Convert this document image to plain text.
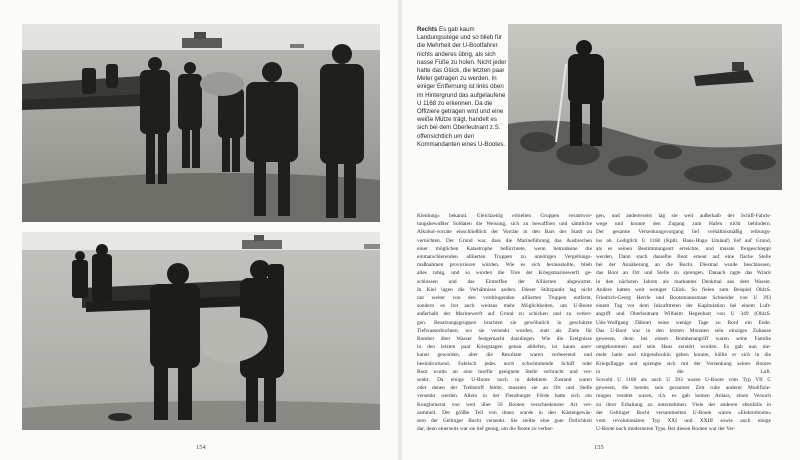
154
Rechts Es gab kaum Landungsstege und so blieb für die Mehrheit der U-Bootfahrer nichts anderes übrig, als sich nasse Füße zu holen. Nicht jeder hatte das Glück, die letzten paar Meter getragen zu werden. In einiger Entfernung ist links oben im Hintergrund das aufgelaufene U 1168 zu erkennen. Da die Offiziere getragen wird und eine weiße Mütze trägt, handelt es sich bei dem Oberleutnant z.S. offensichtlich um den Kommandanten eines U-Bootes.
155
Kleidung« bekannt. Gleichzeitig erhielten Gruppen verantwor-
tungsbewußter Soldaten die Weisung, sich zu bewaffnen und sämtliche
Alkohol-vorräte einschließlich der Vorräte in den Bars der Stadt zu
vernichten. Der Grund war, dass die Marineführung das Ausbrechen
einer möglichen Katastrophe befürchtete, wenn betrunkene die
einmarschierenden alliierten Truppen zu unnötigen Vergeltungs-
maßnahmen provozieren würden. Wie es sich herausstellte, blieb
alles ruhig, und so wurden die Tore der Kriegsmarinewerft ge-
schlossen und das Eintreffen der Alliierten abgewartet.
In Kiel lagen die Verhältnisse anders. Dieser Stützpunkt lag nicht
nur weiter von den vordringenden alliierten Truppen entfernt,
sondern es bot auch weitaus mehr Möglichkeiten, um U-Boote
außerhalb der Marinewerft auf Grund zu schicken und zu verber-
gen. Besatzungsgruppen brachten sie gewöhnlich in geschützte
Tiefwasserbuchten, wo sie versenkt wurden, statt als Ziele für
Bomber über Wasser festgemacht dazuliegen. Wie die Ereignisse
in den letzten paar Kriegstagen genau abliefen, ist kaum aner-
kannt geworden, aber die Resultate waren verheerend und
beeindruckend. Faktisch jedes noch schwimmende Schiff oder
Boot wurde an eine hierfür geeignete Stelle verbracht und ver-
senkt. Da einige U-Boote noch in defektem Zustand waren
oder denen der Treibstoff fehlte, mussten sie an Ort und Stelle
versenkt werden. Allein in der Flensburger Förde hatte sich ein
Konglomerat von weit über 50 Booten verschiedenster Art ver-
sammelt. Der größte Teil von ihnen wurde in den Küstengewäs-
sern der Geltinger Bucht versenkt. Sie stellte eine gute Örtlichkeit
dar, denn einerseits war sie tief genug, um die Boote zu verber-
gen, und andererseits lag sie weit außerhalb der Schiff-Fahrts-
wege und konnte den Zugang zum Hafen nicht behindern.
Der gesamte Versenkungsvorgang lief verhältnismäßig reibungs-
los ab. Lediglich U 1168 (Kptlt. Hans-Hugo Umlauf) lief auf Grund,
als es seinen Bestimmungsort erreichte, und musste freigeschleppt
werden. Dann stach dasselbe Boot erneut auf eine flache Stelle
bei der Annäherung an die Bucht. Diesmal wurde beschlossen,
das Boot an Ort und Stelle zu sprengen. Danach ragte das Wrack
in den nächsten Jahren als markantes Denkmal aus dem Wasser.
Andere hatten weit weniger Glück. So fielen zum Beispiel OblzS.
Friedrich-Georg Herrle und Bootsmannsmaat Schneider von U 393
einem Tag vor dem Inkrafttreten der Kapitulation bei einem Luft-
angriff und Oberleutnant Wilhelm Hegenbart von U 349 (OblzS.
Udo-Wolfgang Dähne) seine wenige Tage zu Bord ein Ende.
Das U-Boot war in den letzten Monaten sein einziges Zuhause
gewesen, denn bei einem Bombenangriff waren seine Familie
umgekommen und sein Haus zerstört worden. Es gab nun nie-
mehr hatte und nirgendwohin gehen konnte, hüllte er sich in die
Kriegsflagge und sprengte sich mit der Versenkung seines Bootes
in die Luft.
Sowohl U 1168 als auch U 393 waren U-Boote vom Typ VII C
gewesen, die bereits sein geraumer Zeit ruhe anderer Modifizie-
rungen veraltet waren, d.h. es gab keinen Anlass, einen Versuch
zu ihrer Erhaltung zu unternehmen. Viele der anderen ebenfalls in
der Geltinger Bucht versammelten U-Boote waren »Elektroboote«
vom revolutionären Typ XXI und XXIII sowie auch einige
U-Boote noch moderneren Typs. Bei diesen Booten war der Ver-
